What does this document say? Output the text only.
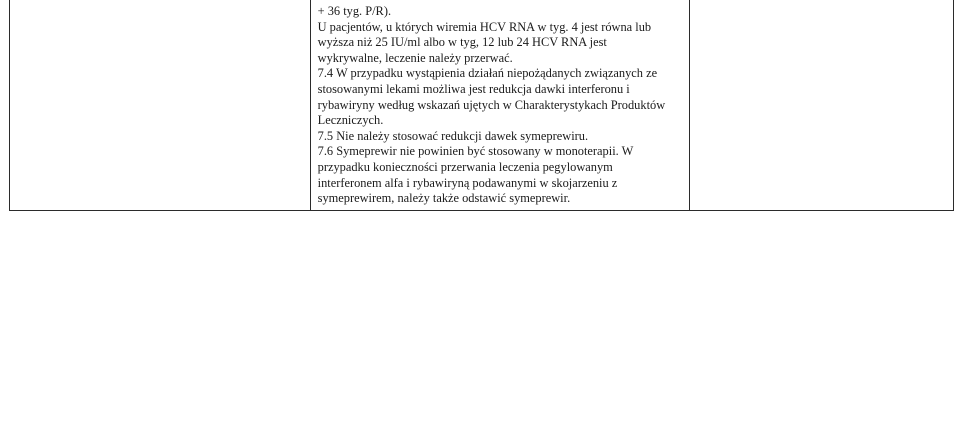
+ 36 tyg. P/R).
U pacjentów, u których wiremia HCV RNA w tyg. 4 jest równa lub
wyższa niż 25 IU/ml albo w tyg, 12 lub 24 HCV RNA jest
wykrywalne, leczenie należy przerwać.
7.4 W przypadku wystąpienia działań niepożądanych związanych ze
stosowanymi lekami możliwa jest redukcja dawki interferonu i
rybawiryny według wskazań ujętych w Charakterystykach Produktów
Leczniczych.
7.5 Nie należy stosować redukcji dawek symeprewiru.
7.6 Symeprewir nie powinien być stosowany w monoterapii. W
przypadku konieczności przerwania leczenia pegylowanym
interferonem alfa i rybawiryną podawanymi w skojarzeniu z
symeprewirem, należy także odstawić symeprewir.
